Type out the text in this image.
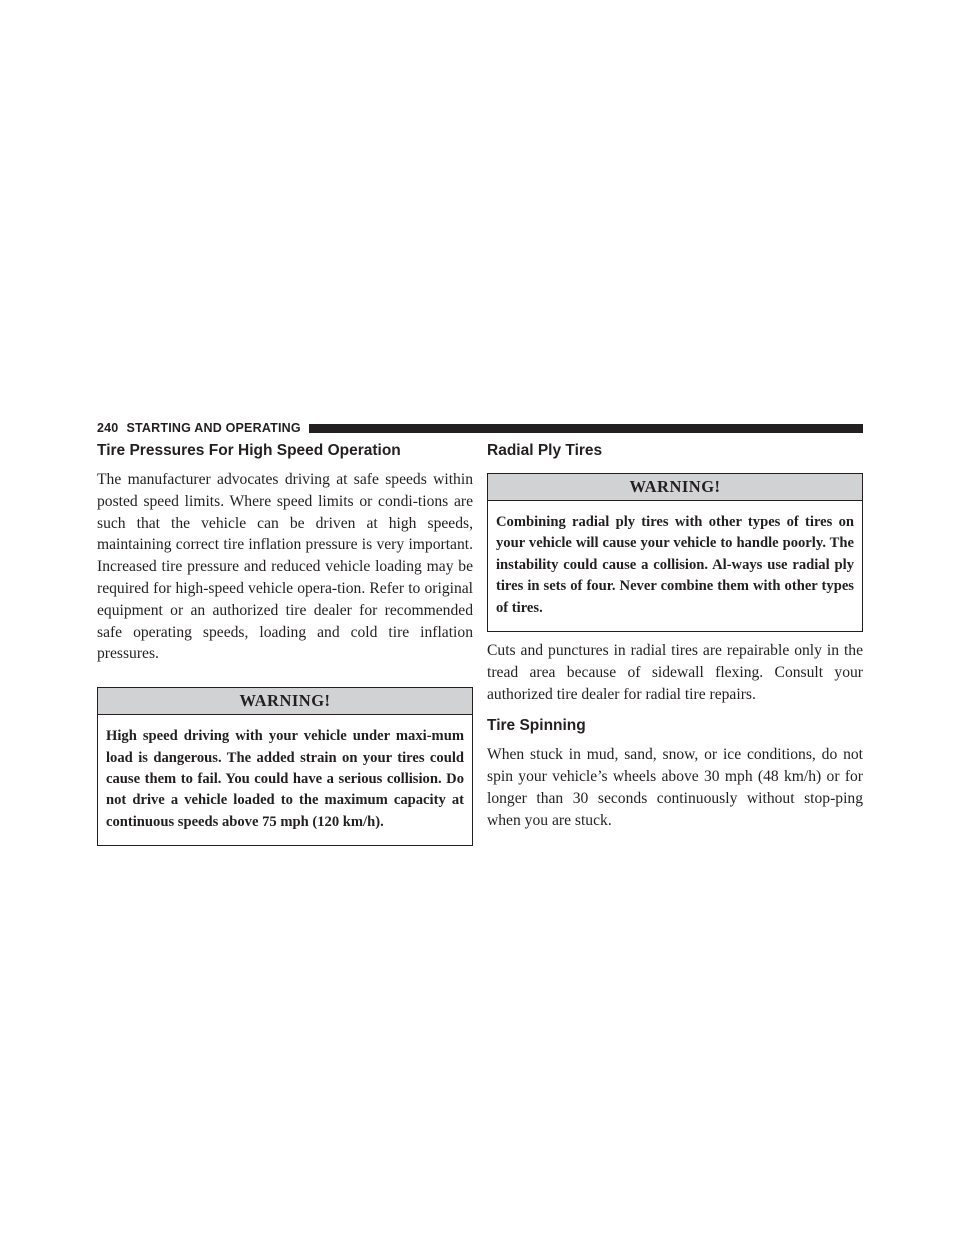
240 STARTING AND OPERATING
Tire Pressures For High Speed Operation

The manufacturer advocates driving at safe speeds within posted speed limits. Where speed limits or condi-tions are such that the vehicle can be driven at high speeds, maintaining correct tire inflation pressure is very important. Increased tire pressure and reduced vehicle loading may be required for high-speed vehicle opera-tion. Refer to original equipment or an authorized tire dealer for recommended safe operating speeds, loading and cold tire inflation pressures.

WARNING!
High speed driving with your vehicle under maxi-mum load is dangerous. The added strain on your tires could cause them to fail. You could have a serious collision. Do not drive a vehicle loaded to the maximum capacity at continuous speeds above 75 mph (120 km/h).
Radial Ply Tires
WARNING!
Combining radial ply tires with other types of tires on your vehicle will cause your vehicle to handle poorly. The instability could cause a collision. Al-ways use radial ply tires in sets of four. Never combine them with other types of tires.

Cuts and punctures in radial tires are repairable only in the tread area because of sidewall flexing. Consult your authorized tire dealer for radial tire repairs.

Tire Spinning

When stuck in mud, sand, snow, or ice conditions, do not spin your vehicle’s wheels above 30 mph (48 km/h) or for longer than 30 seconds continuously without stop-ping when you are stuck.
